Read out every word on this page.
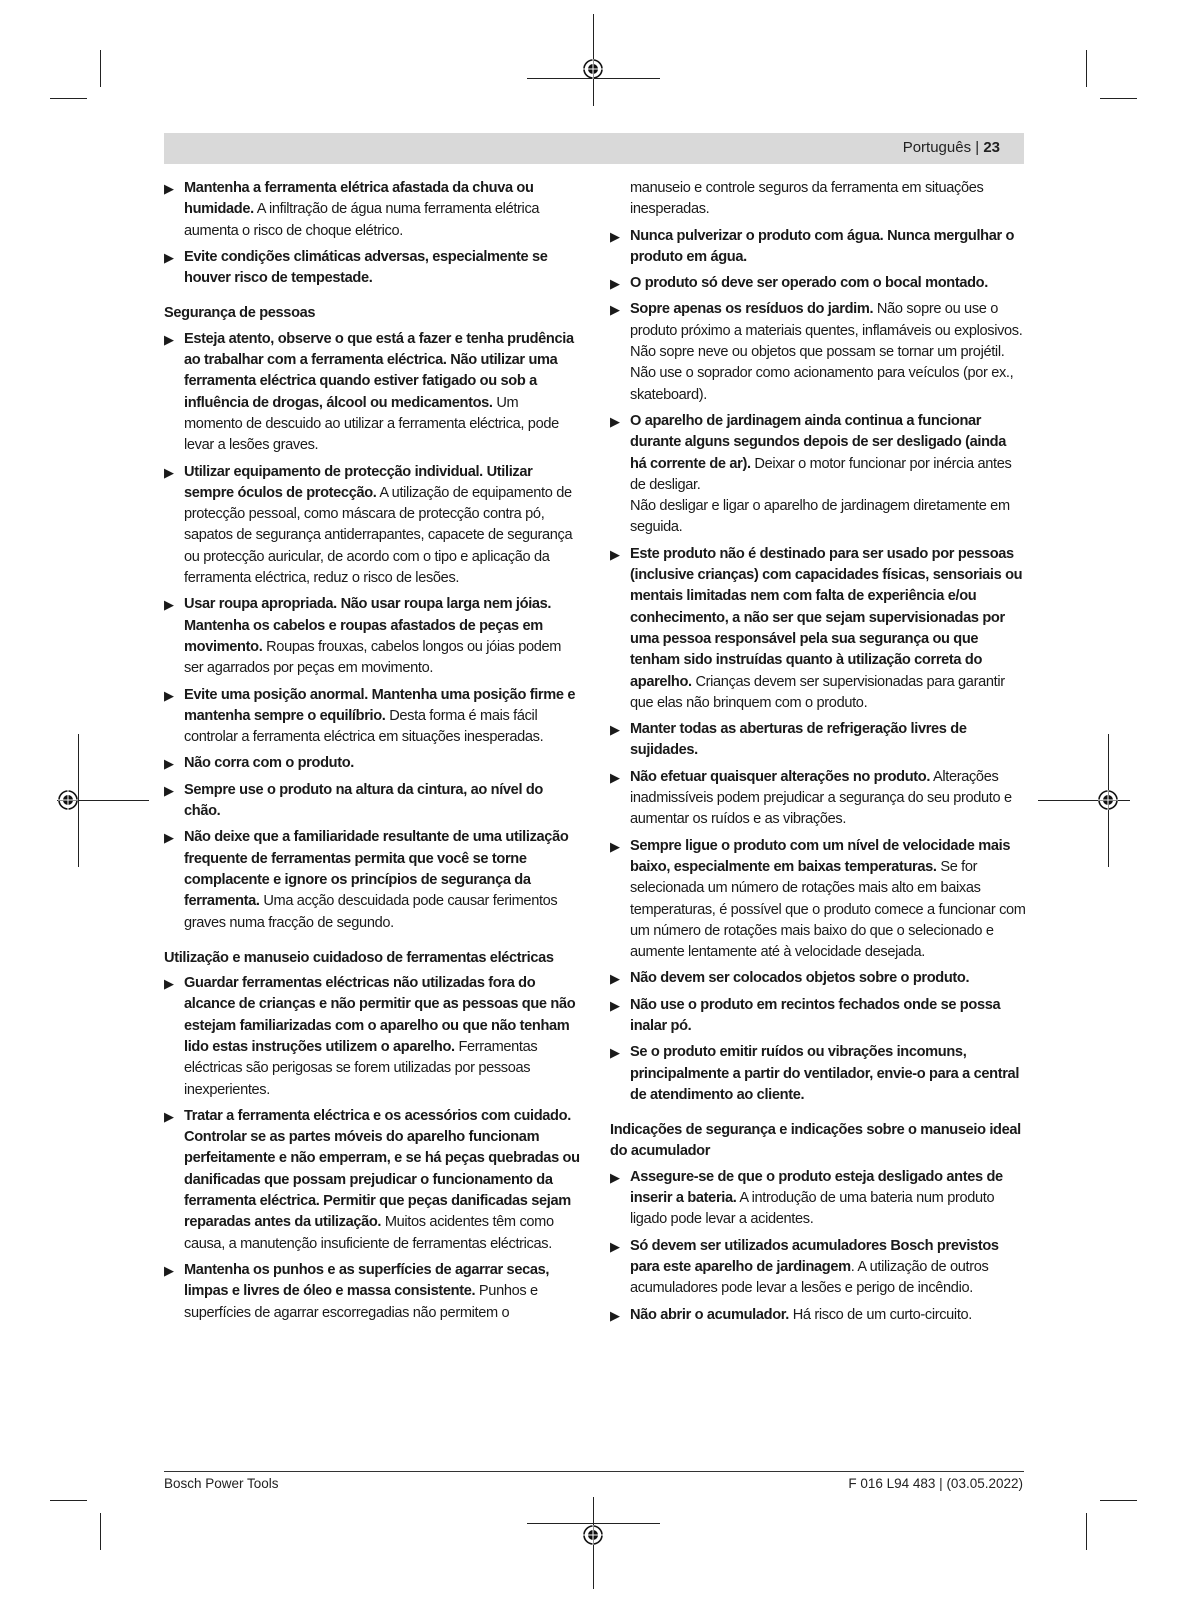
Português | 23
▶ Mantenha a ferramenta elétrica afastada da chuva ou humidade. A infiltração de água numa ferramenta elétrica aumenta o risco de choque elétrico.
▶ Evite condições climáticas adversas, especialmente se houver risco de tempestade.
Segurança de pessoas
▶ Esteja atento, observe o que está a fazer e tenha prudência ao trabalhar com a ferramenta eléctrica. Não utilizar uma ferramenta eléctrica quando estiver fatigado ou sob a influência de drogas, álcool ou medicamentos. Um momento de descuido ao utilizar a ferramenta eléctrica, pode levar a lesões graves.
▶ Utilizar equipamento de protecção individual. Utilizar sempre óculos de protecção. A utilização de equipamento de protecção pessoal, como máscara de protecção contra pó, sapatos de segurança antiderrapantes, capacete de segurança ou protecção auricular, de acordo com o tipo e aplicação da ferramenta eléctrica, reduz o risco de lesões.
▶ Usar roupa apropriada. Não usar roupa larga nem jóias. Mantenha os cabelos e roupas afastados de peças em movimento. Roupas frouxas, cabelos longos ou jóias podem ser agarrados por peças em movimento.
▶ Evite uma posição anormal. Mantenha uma posição firme e mantenha sempre o equilíbrio. Desta forma é mais fácil controlar a ferramenta eléctrica em situações inesperadas.
▶ Não corra com o produto.
▶ Sempre use o produto na altura da cintura, ao nível do chão.
▶ Não deixe que a familiaridade resultante de uma utilização frequente de ferramentas permita que você se torne complacente e ignore os princípios de segurança da ferramenta. Uma acção descuidada pode causar ferimentos graves numa fracção de segundo.
Utilização e manuseio cuidadoso de ferramentas eléctricas
▶ Guardar ferramentas eléctricas não utilizadas fora do alcance de crianças e não permitir que as pessoas que não estejam familiarizadas com o aparelho ou que não tenham lido estas instruções utilizem o aparelho. Ferramentas eléctricas são perigosas se forem utilizadas por pessoas inexperientes.
▶ Tratar a ferramenta eléctrica e os acessórios com cuidado. Controlar se as partes móveis do aparelho funcionam perfeitamente e não emperram, e se há peças quebradas ou danificadas que possam prejudicar o funcionamento da ferramenta eléctrica. Permitir que peças danificadas sejam reparadas antes da utilização. Muitos acidentes têm como causa, a manutenção insuficiente de ferramentas eléctricas.
▶ Mantenha os punhos e as superfícies de agarrar secas, limpas e livres de óleo e massa consistente. Punhos e superfícies de agarrar escorregadias não permitem o
manuseio e controle seguros da ferramenta em situações inesperadas.
▶ Nunca pulverizar o produto com água. Nunca mergulhar o produto em água.
▶ O produto só deve ser operado com o bocal montado.
▶ Sopre apenas os resíduos do jardim. Não sopre ou use o produto próximo a materiais quentes, inflamáveis ou explosivos. Não sopre neve ou objetos que possam se tornar um projétil. Não use o soprador como acionamento para veículos (por ex., skateboard).
▶ O aparelho de jardinagem ainda continua a funcionar durante alguns segundos depois de ser desligado (ainda há corrente de ar). Deixar o motor funcionar por inércia antes de desligar.
Não desligar e ligar o aparelho de jardinagem diretamente em seguida.
▶ Este produto não é destinado para ser usado por pessoas (inclusive crianças) com capacidades físicas, sensoriais ou mentais limitadas nem com falta de experiência e/ou conhecimento, a não ser que sejam supervisionadas por uma pessoa responsável pela sua segurança ou que tenham sido instruídas quanto à utilização correta do aparelho. Crianças devem ser supervisionadas para garantir que elas não brinquem com o produto.
▶ Manter todas as aberturas de refrigeração livres de sujidades.
▶ Não efetuar quaisquer alterações no produto. Alterações inadmissíveis podem prejudicar a segurança do seu produto e aumentar os ruídos e as vibrações.
▶ Sempre ligue o produto com um nível de velocidade mais baixo, especialmente em baixas temperaturas. Se for selecionada um número de rotações mais alto em baixas temperaturas, é possível que o produto comece a funcionar com um número de rotações mais baixo do que o selecionado e aumente lentamente até à velocidade desejada.
▶ Não devem ser colocados objetos sobre o produto.
▶ Não use o produto em recintos fechados onde se possa inalar pó.
▶ Se o produto emitir ruídos ou vibrações incomuns, principalmente a partir do ventilador, envie-o para a central de atendimento ao cliente.
Indicações de segurança e indicações sobre o manuseio ideal do acumulador
▶ Assegure-se de que o produto esteja desligado antes de inserir a bateria. A introdução de uma bateria num produto ligado pode levar a acidentes.
▶ Só devem ser utilizados acumuladores Bosch previstos para este aparelho de jardinagem. A utilização de outros acumuladores pode levar a lesões e perigo de incêndio.
▶ Não abrir o acumulador. Há risco de um curto-circuito.
Bosch Power Tools	F 016 L94 483 | (03.05.2022)
